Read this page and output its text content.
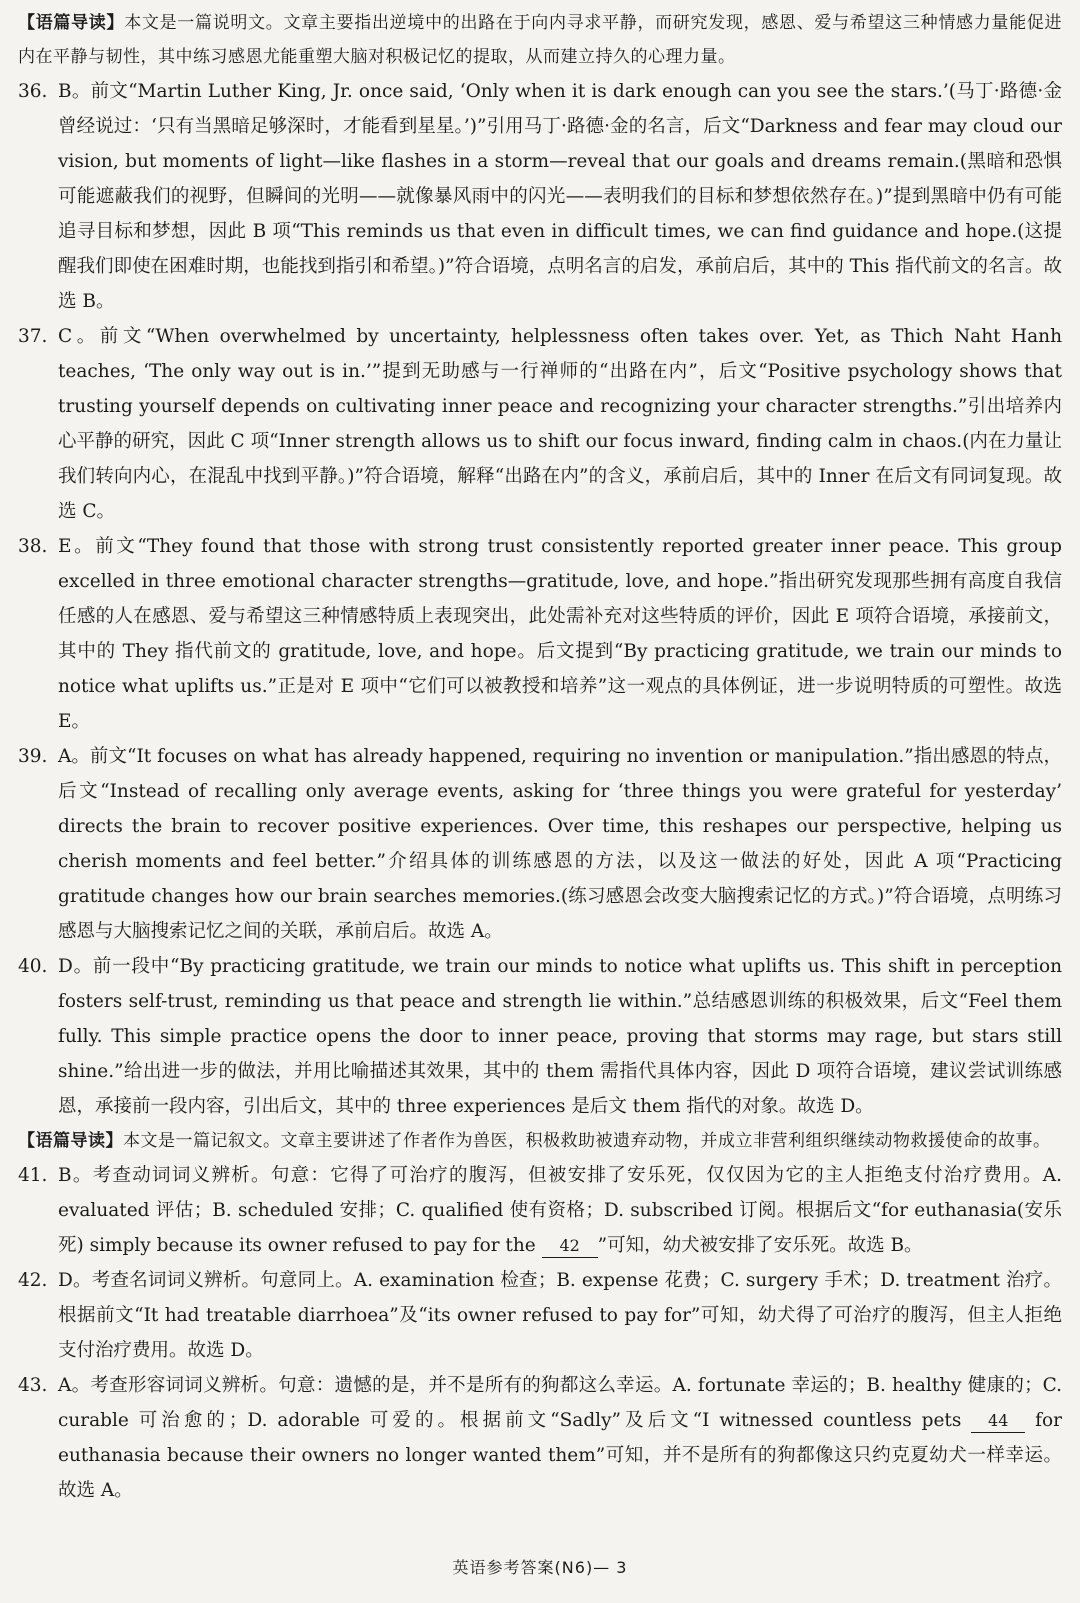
【语篇导读】本文是一篇说明文。文章主要指出逆境中的出路在于向内寻求平静，而研究发现，感恩、爱与希望这三种情感力量能促进内在平静与韧性，其中练习感恩尤能重塑大脑对积极记忆的提取，从而建立持久的心理力量。

36. B。前文“Martin Luther King, Jr. once said, ‘Only when it is dark enough can you see the stars.’(马丁·路德·金曾经说过：‘只有当黑暗足够深时，才能看到星星。’)”引用马丁·路德·金的名言，后文“Darkness and fear may cloud our vision, but moments of light—like flashes in a storm—reveal that our goals and dreams remain.(黑暗和恐惧可能遮蔽我们的视野，但瞬间的光明——就像暴风雨中的闪光——表明我们的目标和梦想依然存在。)”提到黑暗中仍有可能追寻目标和梦想，因此 B 项“This reminds us that even in difficult times, we can find guidance and hope.(这提醒我们即使在困难时期，也能找到指引和希望。)”符合语境，点明名言的启发，承前启后，其中的 This 指代前文的名言。故选 B。

37. C。前文“When overwhelmed by uncertainty, helplessness often takes over. Yet, as Thich Naht Hanh teaches, ‘The only way out is in.’”提到无助感与一行禅师的“出路在内”，后文“Positive psychology shows that trusting yourself depends on cultivating inner peace and recognizing your character strengths.”引出培养内心平静的研究，因此 C 项“Inner strength allows us to shift our focus inward, finding calm in chaos.(内在力量让我们转向内心，在混乱中找到平静。)”符合语境，解释“出路在内”的含义，承前启后，其中的 Inner 在后文有同词复现。故选 C。

38. E。前文“They found that those with strong trust consistently reported greater inner peace. This group excelled in three emotional character strengths—gratitude, love, and hope.”指出研究发现那些拥有高度自我信任感的人在感恩、爱与希望这三种情感特质上表现突出，此处需补充对这些特质的评价，因此 E 项符合语境，承接前文，其中的 They 指代前文的 gratitude, love, and hope。后文提到“By practicing gratitude, we train our minds to notice what uplifts us.”正是对 E 项中“它们可以被教授和培养”这一观点的具体例证，进一步说明特质的可塑性。故选 E。

39. A。前文“It focuses on what has already happened, requiring no invention or manipulation.”指出感恩的特点，后文“Instead of recalling only average events, asking for ‘three things you were grateful for yesterday’ directs the brain to recover positive experiences. Over time, this reshapes our perspective, helping us cherish moments and feel better.”介绍具体的训练感恩的方法，以及这一做法的好处，因此 A 项“Practicing gratitude changes how our brain searches memories.(练习感恩会改变大脑搜索记忆的方式。)”符合语境，点明练习感恩与大脑搜索记忆之间的关联，承前启后。故选 A。

40. D。前一段中“By practicing gratitude, we train our minds to notice what uplifts us. This shift in perception fosters self-trust, reminding us that peace and strength lie within.”总结感恩训练的积极效果，后文“Feel them fully. This simple practice opens the door to inner peace, proving that storms may rage, but stars still shine.”给出进一步的做法，并用比喻描述其效果，其中的 them 需指代具体内容，因此 D 项符合语境，建议尝试训练感恩，承接前一段内容，引出后文，其中的 three experiences 是后文 them 指代的对象。故选 D。

【语篇导读】本文是一篇记叙文。文章主要讲述了作者作为兽医，积极救助被遗弃动物，并成立非营利组织继续动物救援使命的故事。

41. B。考查动词词义辨析。句意：它得了可治疗的腹泻，但被安排了安乐死，仅仅因为它的主人拒绝支付治疗费用。A. evaluated 评估；B. scheduled 安排；C. qualified 使有资格；D. subscribed 订阅。根据后文“for euthanasia(安乐死) simply because its owner refused to pay for the 42 ”可知，幼犬被安排了安乐死。故选 B。

42. D。考查名词词义辨析。句意同上。A. examination 检查；B. expense 花费；C. surgery 手术；D. treatment 治疗。根据前文“It had treatable diarrhoea”及“its owner refused to pay for”可知，幼犬得了可治疗的腹泻，但主人拒绝支付治疗费用。故选 D。

43. A。考查形容词词义辨析。句意：遗憾的是，并不是所有的狗都这么幸运。A. fortunate 幸运的；B. healthy 健康的；C. curable 可治愈的；D. adorable 可爱的。根据前文“Sadly”及后文“I witnessed countless pets 44 for euthanasia because their owners no longer wanted them”可知，并不是所有的狗都像这只约克夏幼犬一样幸运。故选 A。

英语参考答案(N6)— 3
